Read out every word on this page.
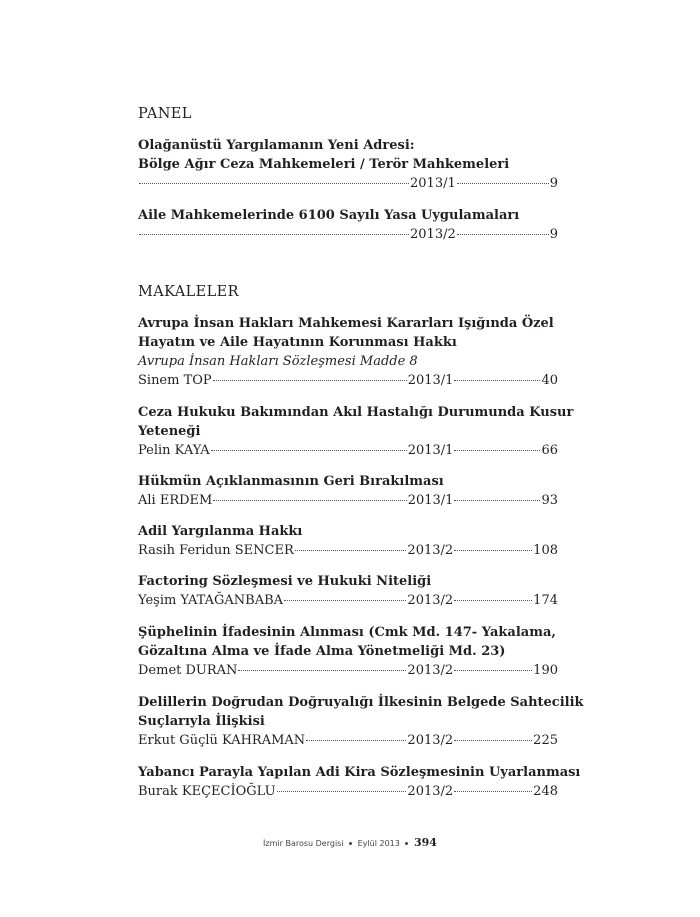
PANEL
Olağanüstü Yargılamanın Yeni Adresi:
Bölge Ağır Ceza Mahkemeleri / Terör Mahkemeleri
2013/1	9
Aile Mahkemelerinde 6100 Sayılı Yasa Uygulamaları
2013/2	9
MAKALELER
Avrupa İnsan Hakları Mahkemesi Kararları Işığında Özel
Hayatın ve Aile Hayatının Korunması Hakkı
Avrupa İnsan Hakları Sözleşmesi Madde 8
Sinem TOP	2013/1	40
Ceza Hukuku Bakımından Akıl Hastalığı Durumunda Kusur
Yeteneği
Pelin KAYA	2013/1	66
Hükmün Açıklanmasının Geri Bırakılması
Ali ERDEM	2013/1	93
Adil Yargılanma Hakkı
Rasih Feridun SENCER	2013/2	108
Factoring Sözleşmesi ve Hukuki Niteliği
Yeşim YATAĞANBABA	2013/2	174
Şüphelinin İfadesinin Alınması (Cmk Md. 147- Yakalama,
Gözaltına Alma ve İfade Alma Yönetmeliği Md. 23)
Demet DURAN	2013/2	190
Delillerin Doğrudan Doğruyalığı İlkesinin Belgede Sahtecilik
Suçlarıyla İlişkisi
Erkut Güçlü KAHRAMAN	2013/2	225
Yabancı Parayla Yapılan Adi Kira Sözleşmesinin Uyarlanması
Burak KEÇECİOĞLU	2013/2	248
İzmir Barosu Dergisi Eylül 2013 394
